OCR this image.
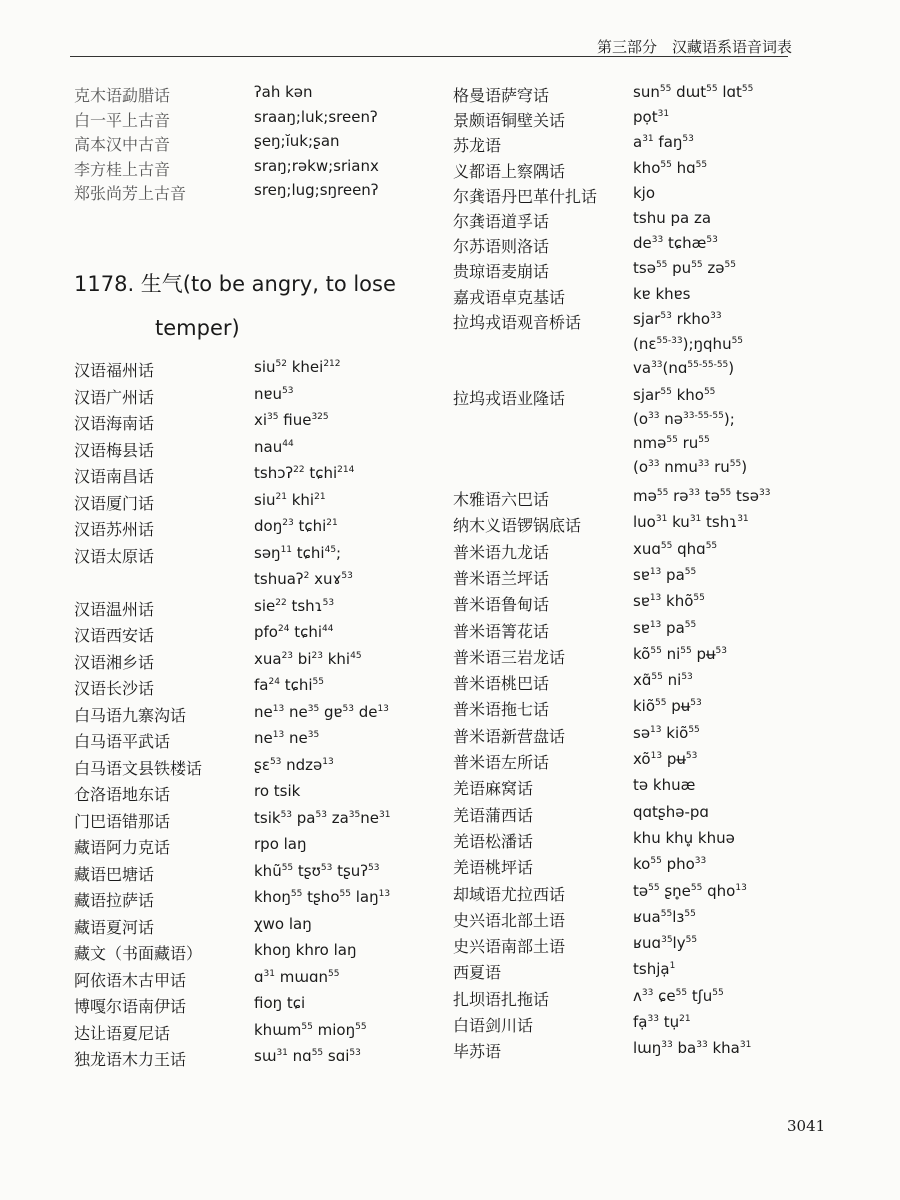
第三部分　汉藏语系语音词表
克木语勐腊话	ʔah kən
白一平上古音	sraaŋ;luk;sreenʔ
高本汉中古音	ʂeŋ;ĭuk;ʂan
李方桂上古音	sraŋ;rəkw;srianx
郑张尚芳上古音	sreŋ;lug;sŋreenʔ
1178. 生气(to be angry, to lose
temper)
汉语福州话	siu$^{52}$ khei$^{212}$
汉语广州话	nɐu$^{53}$
汉语海南话	$xi^{35}$ fiue$^{325}$
汉语梅县话	nau$^{44}$
汉语南昌话	tshɔʔ$^{22}$ tɕhi$^{214}$
汉语厦门话	siu$^{21}$ khi$^{21}$
汉语苏州话	doŋ$^{23}$ tɕhi$^{21}$
汉语太原话	səŋ$^{11}$ tɕhi$^{45}$;
tshuaʔ$^2$ xuɤ$^{53}$
汉语温州话	sie$^{22}$ tshɿ$^{53}$
汉语西安话	pfo$^{24}$ tɕhi$^{44}$
汉语湘乡话	xua$^{23}$ $bi^{23}$ khi$^{45}$
汉语长沙话	$fa^{24}$ tɕhi$^{55}$
白马语九寨沟话	$ne^{13}$ $ne^{35}$ gɐ$^{53}$ $de^{13}$
白马语平武话	$ne^{13}$ $ne^{35}$
白马语文县铁楼话	ʂɛ$^{53}$ ndzə$^{13}$
仓洛语地东话	ro tsik
门巴语错那话	tsik$^{53}$ $pa^{53}$ $za^{35}ne^{31}$
藏语阿力克话	rpo laŋ
藏语巴塘话	khũ$^{55}$ tʂʊ$^{53}$ tʂuʔ$^{53}$
藏语拉萨话	khoŋ$^{55}$ tʂho$^{55}$ laŋ$^{13}$
藏语夏河话	χwo laŋ
藏文（书面藏语）	khoŋ khro laŋ
阿依语木古甲话	ɑ$^{31}$ mɯɑn$^{55}$
博嘎尔语南伊话	fioŋ tɕi
达让语夏尼话	khɯm$^{55}$ mioŋ$^{55}$
独龙语木力王话	sɯ$^{31}$ nɑ$^{55}$ sɑi$^{53}$
格曼语萨穹话	sun$^{55}$ dɯt$^{55}$ lɑt$^{55}$
景颇语铜壁关话	pọt$^{31}$
苏龙语	$a^{31}$ faŋ$^{53}$
义都语上察隅话	kho$^{55}$ hɑ$^{55}$
尔龚语丹巴革什扎话	kjo
尔龚语道孚话	tshu pa za
尔苏语则洛话	$de^{33}$ tɕhæ$^{53}$
贵琼语麦崩话	tsə$^{55}$ $pu^{55}$ zə$^{55}$
嘉戎语卓克基话	kɐ khɐs
拉坞戎语观音桥话	sjar$^{53}$ rkho$^{33}$
(nɛ$^{55-33}$);ŋqhu$^{55}$
$va^{33}(nɑ^{55-55-55})$
拉坞戎语业隆话	sjar$^{55}$ kho$^{55}$
($o^{33}$ nə$^{33-55-55}$);
nmə$^{55}$ $ru^{55}$
($o^{33}$ nmu$^{33}$ $ru^{55}$)
木雅语六巴话	mə$^{55}$ rə$^{33}$ tə$^{55}$ tsə$^{33}$
纳木义语锣锅底话	luo$^{31}$ $ku^{31}$ tshɿ$^{31}$
普米语九龙话	xuɑ$^{55}$ qhɑ$^{55}$
普米语兰坪话	sɐ$^{13}$ $pa^{55}$
普米语鲁甸话	sɐ$^{13}$ khõ$^{55}$
普米语箐花话	sɐ$^{13}$ $pa^{55}$
普米语三岩龙话	$kõ^{55}$ $ni^{55}$ pʉ$^{53}$
普米语桃巴话	xɑ̃$^{55}$ $ni^{53}$
普米语拖七话	kiõ$^{55}$ pʉ$^{53}$
普米语新营盘话	sə$^{13}$ kiõ$^{55}$
普米语左所话	$xõ^{13}$ pʉ$^{53}$
羌语麻窝话	tə khuæ
羌语蒲西话	qɑtʂhə-pɑ
羌语松潘话	khu khu̥ khuə
羌语桃坪话	$ko^{55}$ pho$^{33}$
却域语尤拉西话	tə$^{55}$ $ʂn̥e^{55}$ qho$^{13}$
史兴语北部土语	ʁua$^{55}$lɜ$^{55}$
史兴语南部土语	$ʁuɑ^{35}ly^{55}$
西夏语	tshjạ$^1$
扎坝语扎拖话	ʌ$^{33}$ ɕe$^{55}$ tʃu$^{55}$
白语剑川话	fạ$^{33}$ tụ$^{21}$
毕苏语	lɯŋ$^{33}$ $ba^{33}$ kha$^{31}$
3041
